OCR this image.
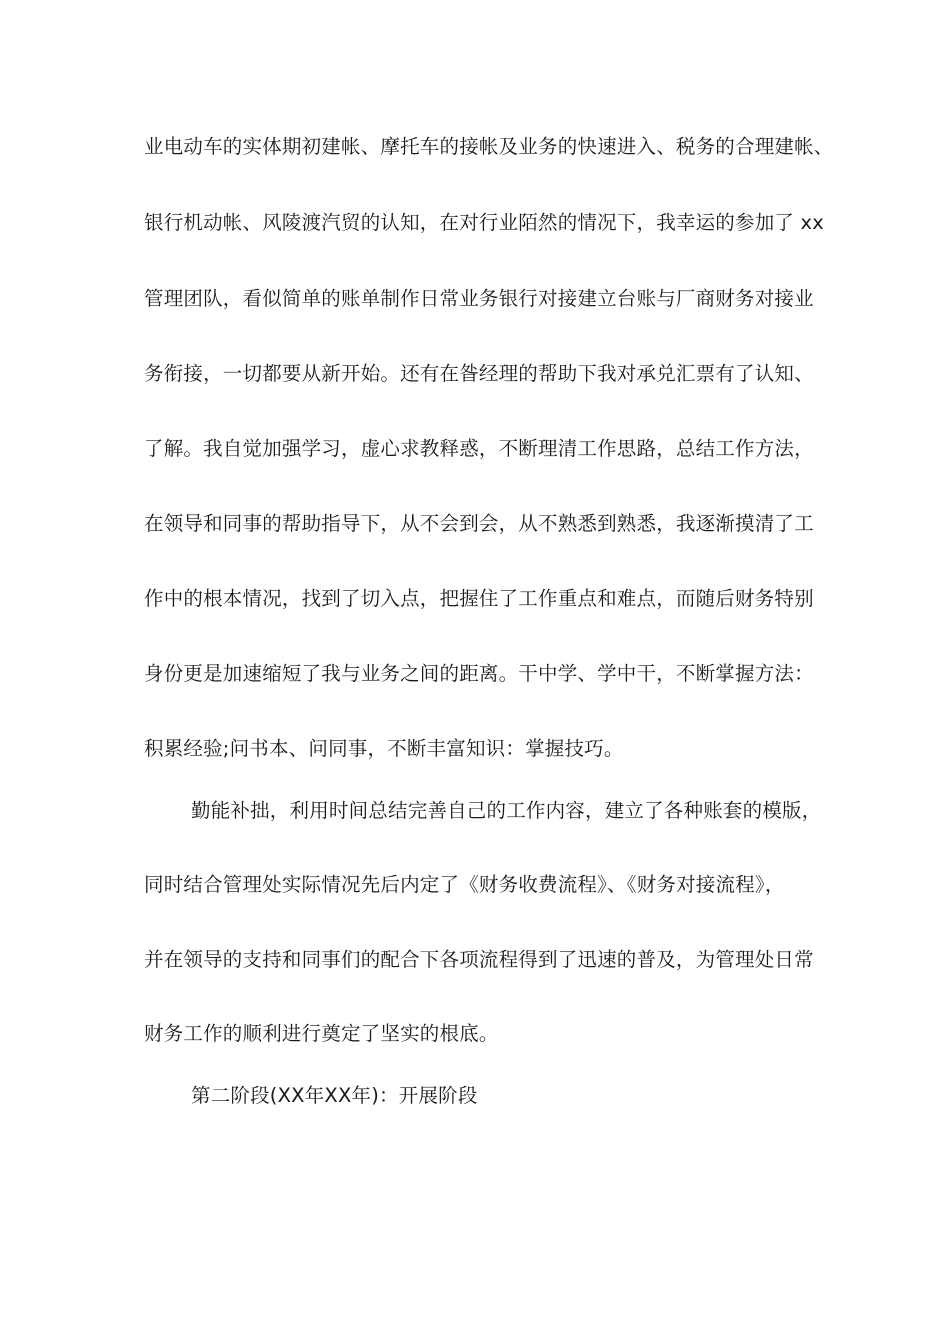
业电动车的实体期初建帐、摩托车的接帐及业务的快速进入、税务的合理建帐、
银行机动帐、风陵渡汽贸的认知，在对行业陌然的情况下，我幸运的参加了 xx
管理团队，看似简单的账单制作日常业务银行对接建立台账与厂商财务对接业
务衔接，一切都要从新开始。还有在昝经理的帮助下我对承兑汇票有了认知、
了解。我自觉加强学习，虚心求教释惑，不断理清工作思路，总结工作方法，
在领导和同事的帮助指导下，从不会到会，从不熟悉到熟悉，我逐渐摸清了工
作中的根本情况，找到了切入点，把握住了工作重点和难点，而随后财务特别
身份更是加速缩短了我与业务之间的距离。干中学、学中干，不断掌握方法：
积累经验;问书本、问同事，不断丰富知识：掌握技巧。
勤能补拙，利用时间总结完善自己的工作内容，建立了各种账套的模版，
同时结合管理处实际情况先后内定了《财务收费流程》、《财务对接流程》，
并在领导的支持和同事们的配合下各项流程得到了迅速的普及，为管理处日常
财务工作的顺利进行奠定了坚实的根底。
第二阶段(XX年XX年)：开展阶段
